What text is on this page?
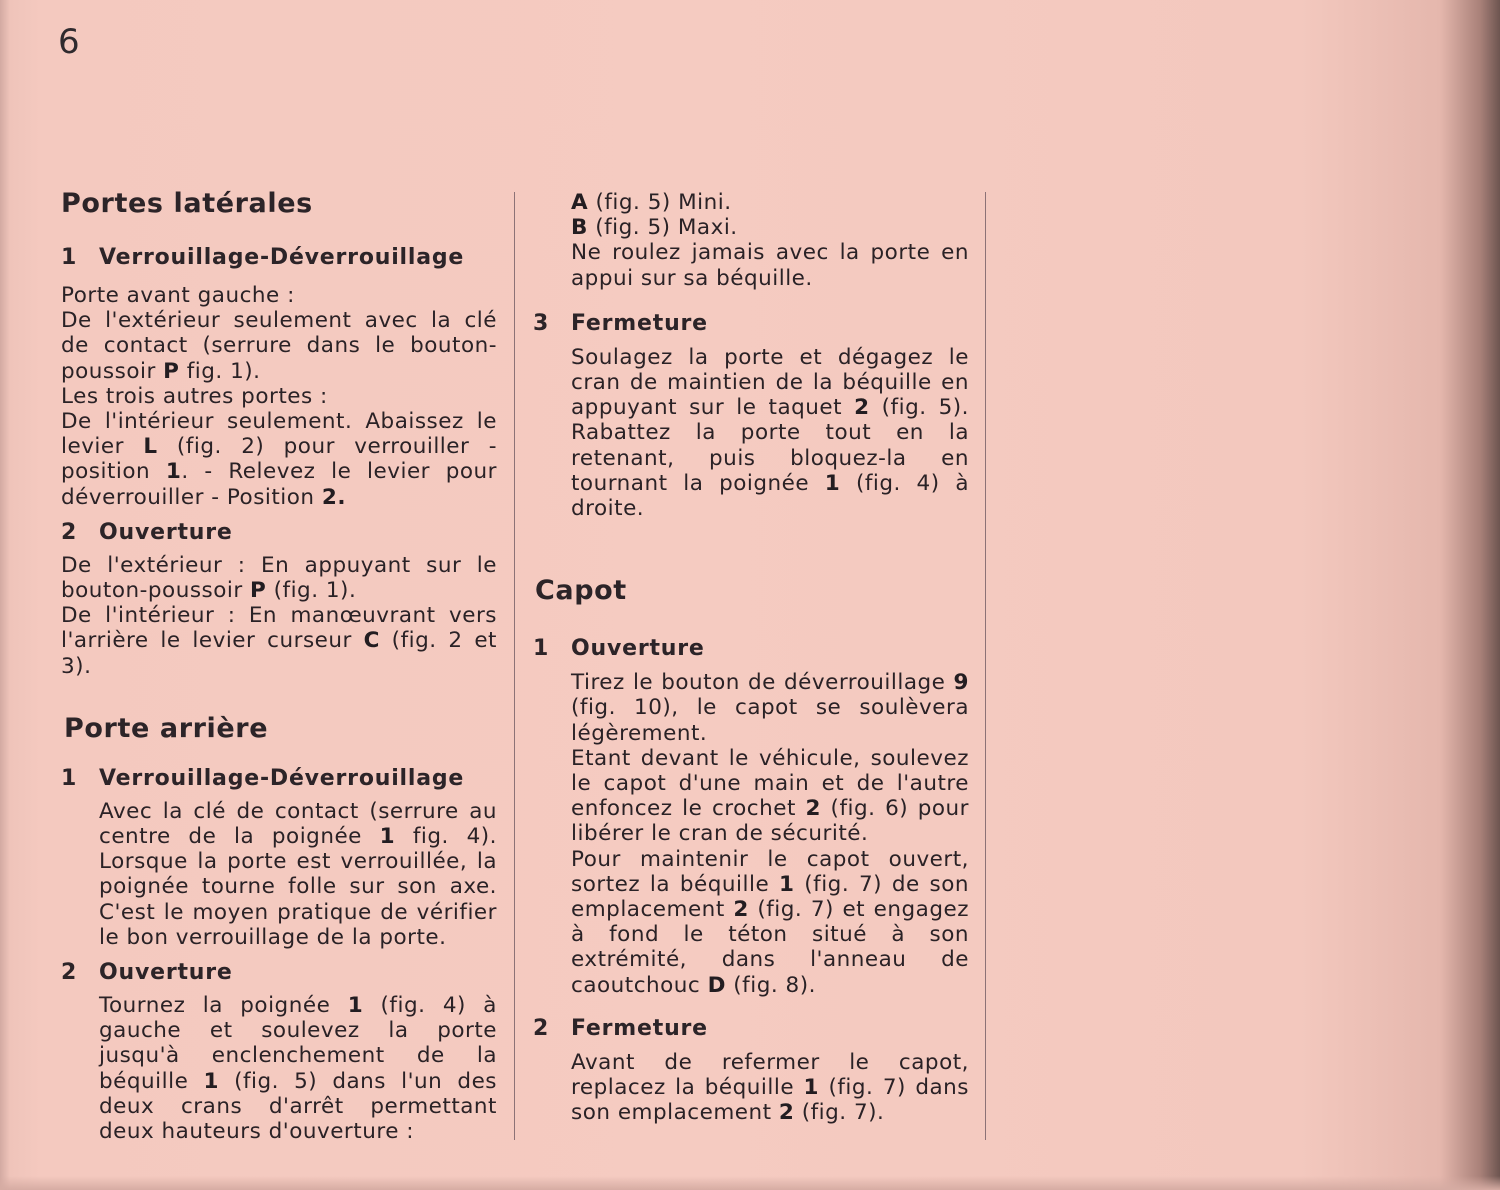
6
Portes latérales
1 Verrouillage-Déverrouillage

Porte avant gauche :

De l'extérieur seulement avec la clé de contact (serrure dans le bouton-poussoir P fig. 1).

Les trois autres portes :

De l'intérieur seulement. Abaissez le levier L (fig. 2) pour verrouiller - position 1. - Relevez le levier pour déverrouiller - Position 2.

2 Ouverture

De l'extérieur : En appuyant sur le bouton-poussoir P (fig. 1).

De l'intérieur : En manœuvrant vers l'arrière le levier curseur C (fig. 2 et 3).

Porte arrière
1 Verrouillage-Déverrouillage

Avec la clé de contact (serrure au centre de la poignée 1 fig. 4). Lorsque la porte est verrouillée, la poignée tourne folle sur son axe. C'est le moyen pratique de vérifier le bon verrouillage de la porte.

2 Ouverture

Tournez la poignée 1 (fig. 4) à gauche et soulevez la porte jusqu'à enclenchement de la béquille 1 (fig. 5) dans l'un des deux crans d'arrêt permettant deux hauteurs d'ouverture :

A (fig. 5) Mini.

B (fig. 5) Maxi.

Ne roulez jamais avec la porte en appui sur sa béquille.

3 Fermeture

Soulagez la porte et dégagez le cran de maintien de la béquille en appuyant sur le taquet 2 (fig. 5). Rabattez la porte tout en la retenant, puis bloquez-la en tournant la poignée 1 (fig. 4) à droite.

Capot
1 Ouverture

Tirez le bouton de déverrouillage 9 (fig. 10), le capot se soulèvera légèrement.

Etant devant le véhicule, soulevez le capot d'une main et de l'autre enfoncez le crochet 2 (fig. 6) pour libérer le cran de sécurité.

Pour maintenir le capot ouvert, sortez la béquille 1 (fig. 7) de son emplacement 2 (fig. 7) et engagez à fond le téton situé à son extrémité, dans l'anneau de caoutchouc D (fig. 8).

2 Fermeture

Avant de refermer le capot, replacez la béquille 1 (fig. 7) dans son emplacement 2 (fig. 7).
